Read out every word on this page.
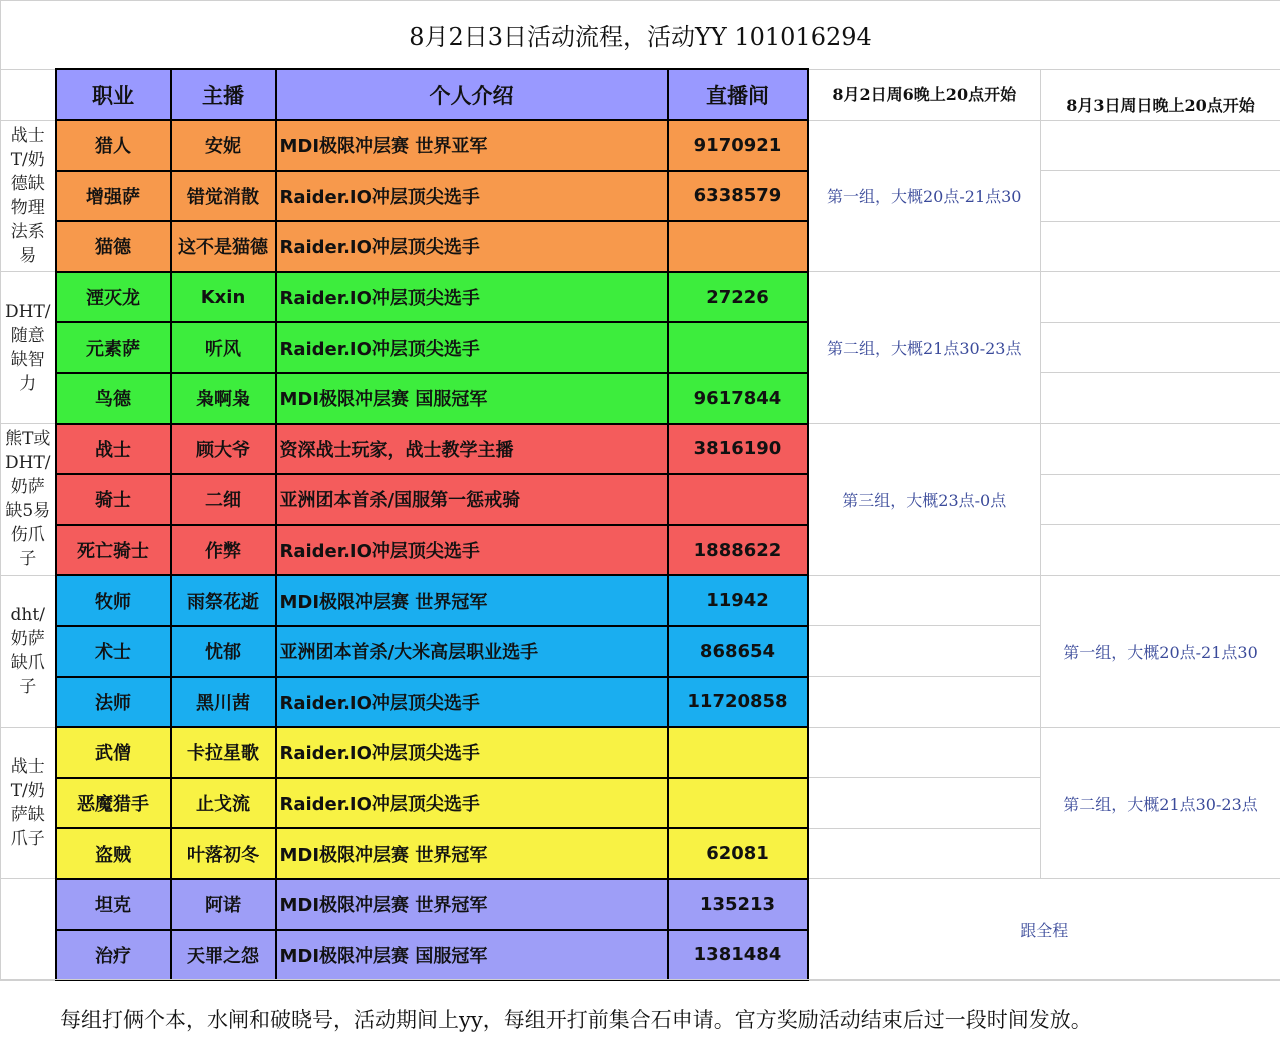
8月2日3日活动流程，活动YY 101016294						
	职业	主播	个人介绍	直播间	8月2日周6晚上20点开始	8月3日周日晚上20点开始
战士T/奶德缺物理法系易	猎人	安妮	MDI极限冲层赛 世界亚军	9170921	第一组，大概20点-21点30	
	增强萨	错觉消散	Raider.IO冲层顶尖选手	6338579		
	猫德	这不是猫德	Raider.IO冲层顶尖选手			
DHT/随意缺智力	湮灭龙	Kxin	Raider.IO冲层顶尖选手	27226	第二组，大概21点30-23点	
	元素萨	听风	Raider.IO冲层顶尖选手			
	鸟德	枭啊枭	MDI极限冲层赛 国服冠军	9617844		
熊T或DHT/奶萨缺5易伤爪子	战士	顾大爷	资深战士玩家，战士教学主播	3816190	第三组，大概23点-0点	
	骑士	二细	亚洲团本首杀/国服第一惩戒骑			
	死亡骑士	作弊	Raider.IO冲层顶尖选手	1888622		
dht/奶萨缺爪子	牧师	雨祭花逝	MDI极限冲层赛 世界冠军	11942		第一组，大概20点-21点30
	术士	忧郁	亚洲团本首杀/大米高层职业选手	868654		
	法师	黑川茜	Raider.IO冲层顶尖选手	11720858		
战士T/奶萨缺爪子	武僧	卡拉星歌	Raider.IO冲层顶尖选手			第二组，大概21点30-23点
	恶魔猎手	止戈流	Raider.IO冲层顶尖选手			
	盗贼	叶落初冬	MDI极限冲层赛 世界冠军	62081		
	坦克	阿诺	MDI极限冲层赛 世界冠军	135213	跟全程	
	治疗	天罪之怨	MDI极限冲层赛 国服冠军	1381484		
每组打俩个本，水闸和破晓号，活动期间上yy，每组开打前集合石申请。官方奖励活动结束后过一段时间发放。
